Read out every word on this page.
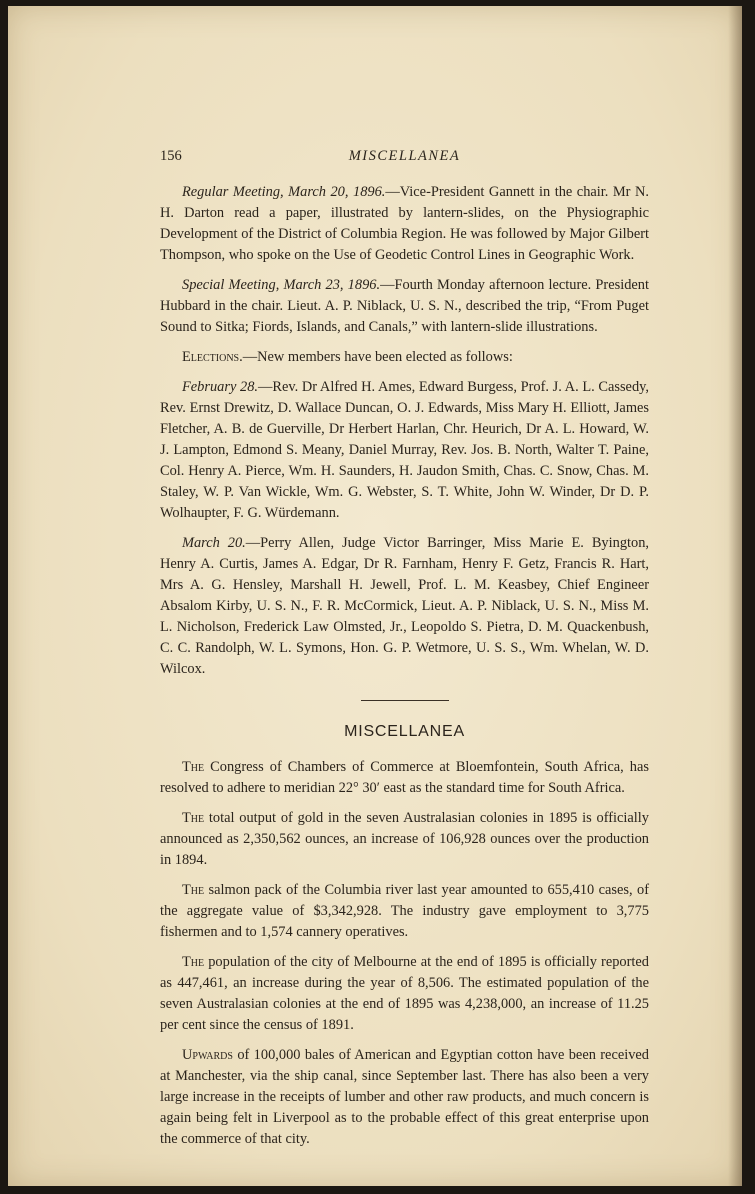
156	MISCELLANEA

Regular Meeting, March 20, 1896.—Vice-President Gannett in the chair. Mr N. H. Darton read a paper, illustrated by lantern-slides, on the Physiographic Development of the District of Columbia Region. He was followed by Major Gilbert Thompson, who spoke on the Use of Geodetic Control Lines in Geographic Work.

Special Meeting, March 23, 1896.—Fourth Monday afternoon lecture. President Hubbard in the chair. Lieut. A. P. Niblack, U. S. N., described the trip, “From Puget Sound to Sitka; Fiords, Islands, and Canals,” with lantern-slide illustrations.

Elections.—New members have been elected as follows:

February 28.—Rev. Dr Alfred H. Ames, Edward Burgess, Prof. J. A. L. Cassedy, Rev. Ernst Drewitz, D. Wallace Duncan, O. J. Edwards, Miss Mary H. Elliott, James Fletcher, A. B. de Guerville, Dr Herbert Harlan, Chr. Heurich, Dr A. L. Howard, W. J. Lampton, Edmond S. Meany, Daniel Murray, Rev. Jos. B. North, Walter T. Paine, Col. Henry A. Pierce, Wm. H. Saunders, H. Jaudon Smith, Chas. C. Snow, Chas. M. Staley, W. P. Van Wickle, Wm. G. Webster, S. T. White, John W. Winder, Dr D. P. Wolhaupter, F. G. Würdemann.

March 20.—Perry Allen, Judge Victor Barringer, Miss Marie E. Byington, Henry A. Curtis, James A. Edgar, Dr R. Farnham, Henry F. Getz, Francis R. Hart, Mrs A. G. Hensley, Marshall H. Jewell, Prof. L. M. Keasbey, Chief Engineer Absalom Kirby, U. S. N., F. R. McCormick, Lieut. A. P. Niblack, U. S. N., Miss M. L. Nicholson, Frederick Law Olmsted, Jr., Leopoldo S. Pietra, D. M. Quackenbush, C. C. Randolph, W. L. Symons, Hon. G. P. Wetmore, U. S. S., Wm. Whelan, W. D. Wilcox.

MISCELLANEA

The Congress of Chambers of Commerce at Bloemfontein, South Africa, has resolved to adhere to meridian 22° 30′ east as the standard time for South Africa.

The total output of gold in the seven Australasian colonies in 1895 is officially announced as 2,350,562 ounces, an increase of 106,928 ounces over the production in 1894.

The salmon pack of the Columbia river last year amounted to 655,410 cases, of the aggregate value of $3,342,928. The industry gave employment to 3,775 fishermen and to 1,574 cannery operatives.

The population of the city of Melbourne at the end of 1895 is officially reported as 447,461, an increase during the year of 8,506. The estimated population of the seven Australasian colonies at the end of 1895 was 4,238,000, an increase of 11.25 per cent since the census of 1891.

Upwards of 100,000 bales of American and Egyptian cotton have been received at Manchester, via the ship canal, since September last. There has also been a very large increase in the receipts of lumber and other raw products, and much concern is again being felt in Liverpool as to the probable effect of this great enterprise upon the commerce of that city.
